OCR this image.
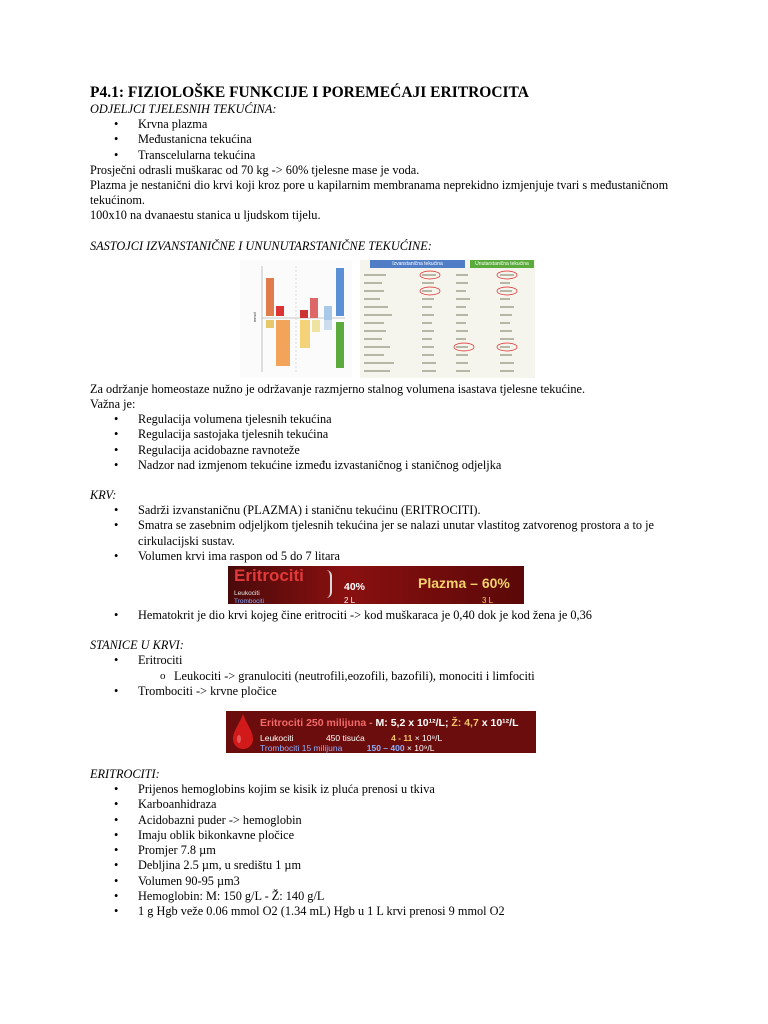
P4.1: FIZIOLOŠKE FUNKCIJE I POREMEĆAJI ERITROCITA
ODJELJCI TJELESNIH TEKUĆINA:
• Krvna plazma
• Međustanicna tekućina
• Transcelularna tekućina

Prosječni odrasli muškarac od 70 kg -> 60% tjelesne mase je voda.

Plazma je nestanični dio krvi koji kroz pore u kapilarnim membranama neprekidno izmjenjuje tvari s međustaničnom tekućinom.

100x10 na dvanaestu stanica u ljudskom tijelu.

SASTOJCI IZVANSTANIČNE I UNUNUTARSTANIČNE TEKUĆINE:
mmol
Izvanstanična tekućina	Unutarstanična tekućina

Za održanje homeostaze nužno je održavanje razmjerno stalnog volumena isastava tjelesne tekućine.

Važna je:

• Regulacija volumena tjelesnih tekućina
• Regulacija sastojaka tjelesnih tekućina
• Regulacija acidobazne ravnoteže
• Nadzor nad izmjenom tekućine između izvastaničnog i staničnog odjeljka
KRV:
• Sadrži izvanstaničnu (PLAZMA) i staničnu tekućinu (ERITROCITI).
• Smatra se zasebnim odjeljkom tjelesnih tekućina jer se nalazi unutar vlastitog zatvorenog prostora a to je cirkulacijski sustav.
• Volumen krvi ima raspon od 5 do 7 litara
Eritrociti
Leukociti
Trombociti
40%
2 L
Plazma – 60%
3 L
• Hematokrit je dio krvi kojeg čine eritrociti -> kod muškaraca je 0,40 dok je kod žena je 0,36
STANICE U KRVI:
• Eritrociti
o Leukociti -> granulociti (neutrofili,eozofili, bazofili), monociti i limfociti
• Trombociti -> krvne pločice
Eritrociti 250 milijuna - M: 5,2 x 10¹²/L; Ž: 4,7 x 10¹²/L
Leukociti	450 tisuća	4 - 11 × 10⁹/L
Trombociti 15 milijuna	150 – 400 × 10⁹/L
ERITROCITI:
• Prijenos hemoglobins kojim se kisik iz pluća prenosi u tkiva
• Karboanhidraza
• Acidobazni puder -> hemoglobin
• Imaju oblik bikonkavne pločice
• Promjer 7.8 µm
• Debljina 2.5 µm, u središtu 1 µm
• Volumen 90-95 µm3
• Hemoglobin: M: 150 g/L - Ž: 140 g/L
• 1 g Hgb veže 0.06 mmol O2 (1.34 mL) Hgb u 1 L krvi prenosi 9 mmol O2
